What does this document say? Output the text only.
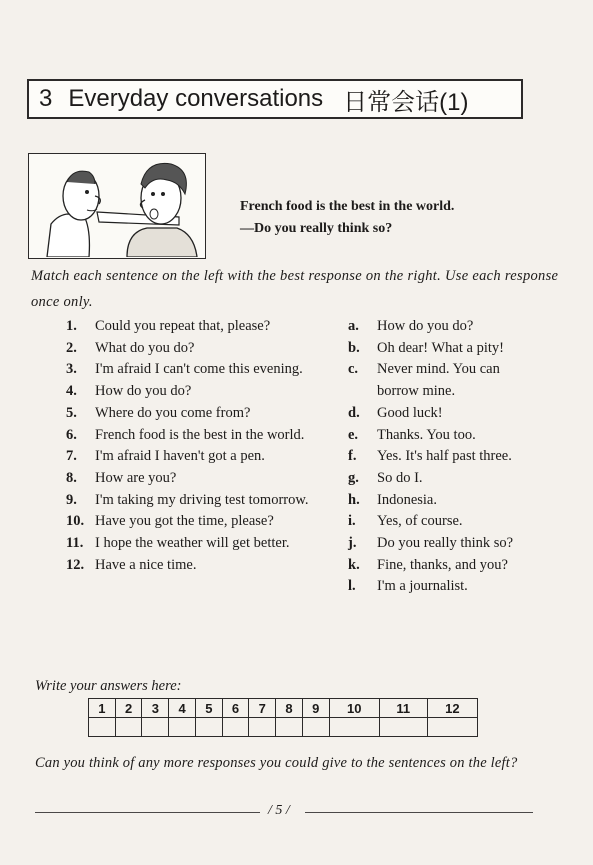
3 Everyday conversations 日常会话(1)
French food is the best in the world.
—Do you really think so?
Match each sentence on the left with the best response on the right. Use each response once only.
1.	Could you repeat that, please?
2.	What do you do?
3.	I'm afraid I can't come this evening.
4.	How do you do?
5.	Where do you come from?
6.	French food is the best in the world.
7.	I'm afraid I haven't got a pen.
8.	How are you?
9.	I'm taking my driving test tomorrow.
10. Have you got the time, please?
11. I hope the weather will get better.
12. Have a nice time.
a.	How do you do?
b.	Oh dear! What a pity!
c.	Never mind. You can borrow mine.
d.	Good luck!
e.	Thanks. You too.
f.	Yes. It's half past three.
g.	So do I.
h.	Indonesia.
i.	Yes, of course.
j.	Do you really think so?
k.	Fine, thanks, and you?
l.	I'm a journalist.
Write your answers here:
1	2	3	4	5	6	7	8	9	10	11	12

Can you think of any more responses you could give to the sentences on the left?
/ 5 /
